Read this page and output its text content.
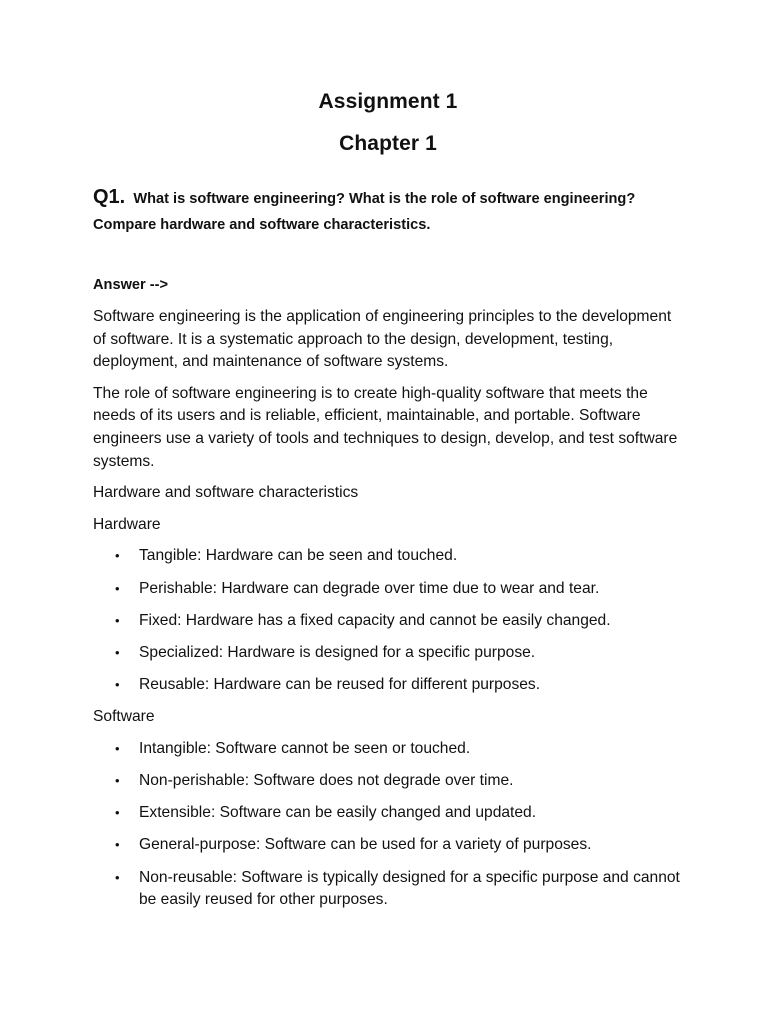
Assignment 1
Chapter 1
Q1. What is software engineering? What is the role of software engineering? Compare hardware and software characteristics.
Answer -->

Software engineering is the application of engineering principles to the development of software. It is a systematic approach to the design, development, testing, deployment, and maintenance of software systems.

The role of software engineering is to create high-quality software that meets the needs of its users and is reliable, efficient, maintainable, and portable. Software engineers use a variety of tools and techniques to design, develop, and test software systems.

Hardware and software characteristics

Hardware

• Tangible: Hardware can be seen and touched.
• Perishable: Hardware can degrade over time due to wear and tear.
• Fixed: Hardware has a fixed capacity and cannot be easily changed.
• Specialized: Hardware is designed for a specific purpose.
• Reusable: Hardware can be reused for different purposes.

Software

• Intangible: Software cannot be seen or touched.
• Non-perishable: Software does not degrade over time.
• Extensible: Software can be easily changed and updated.
• General-purpose: Software can be used for a variety of purposes.
• Non-reusable: Software is typically designed for a specific purpose and cannot be easily reused for other purposes.
